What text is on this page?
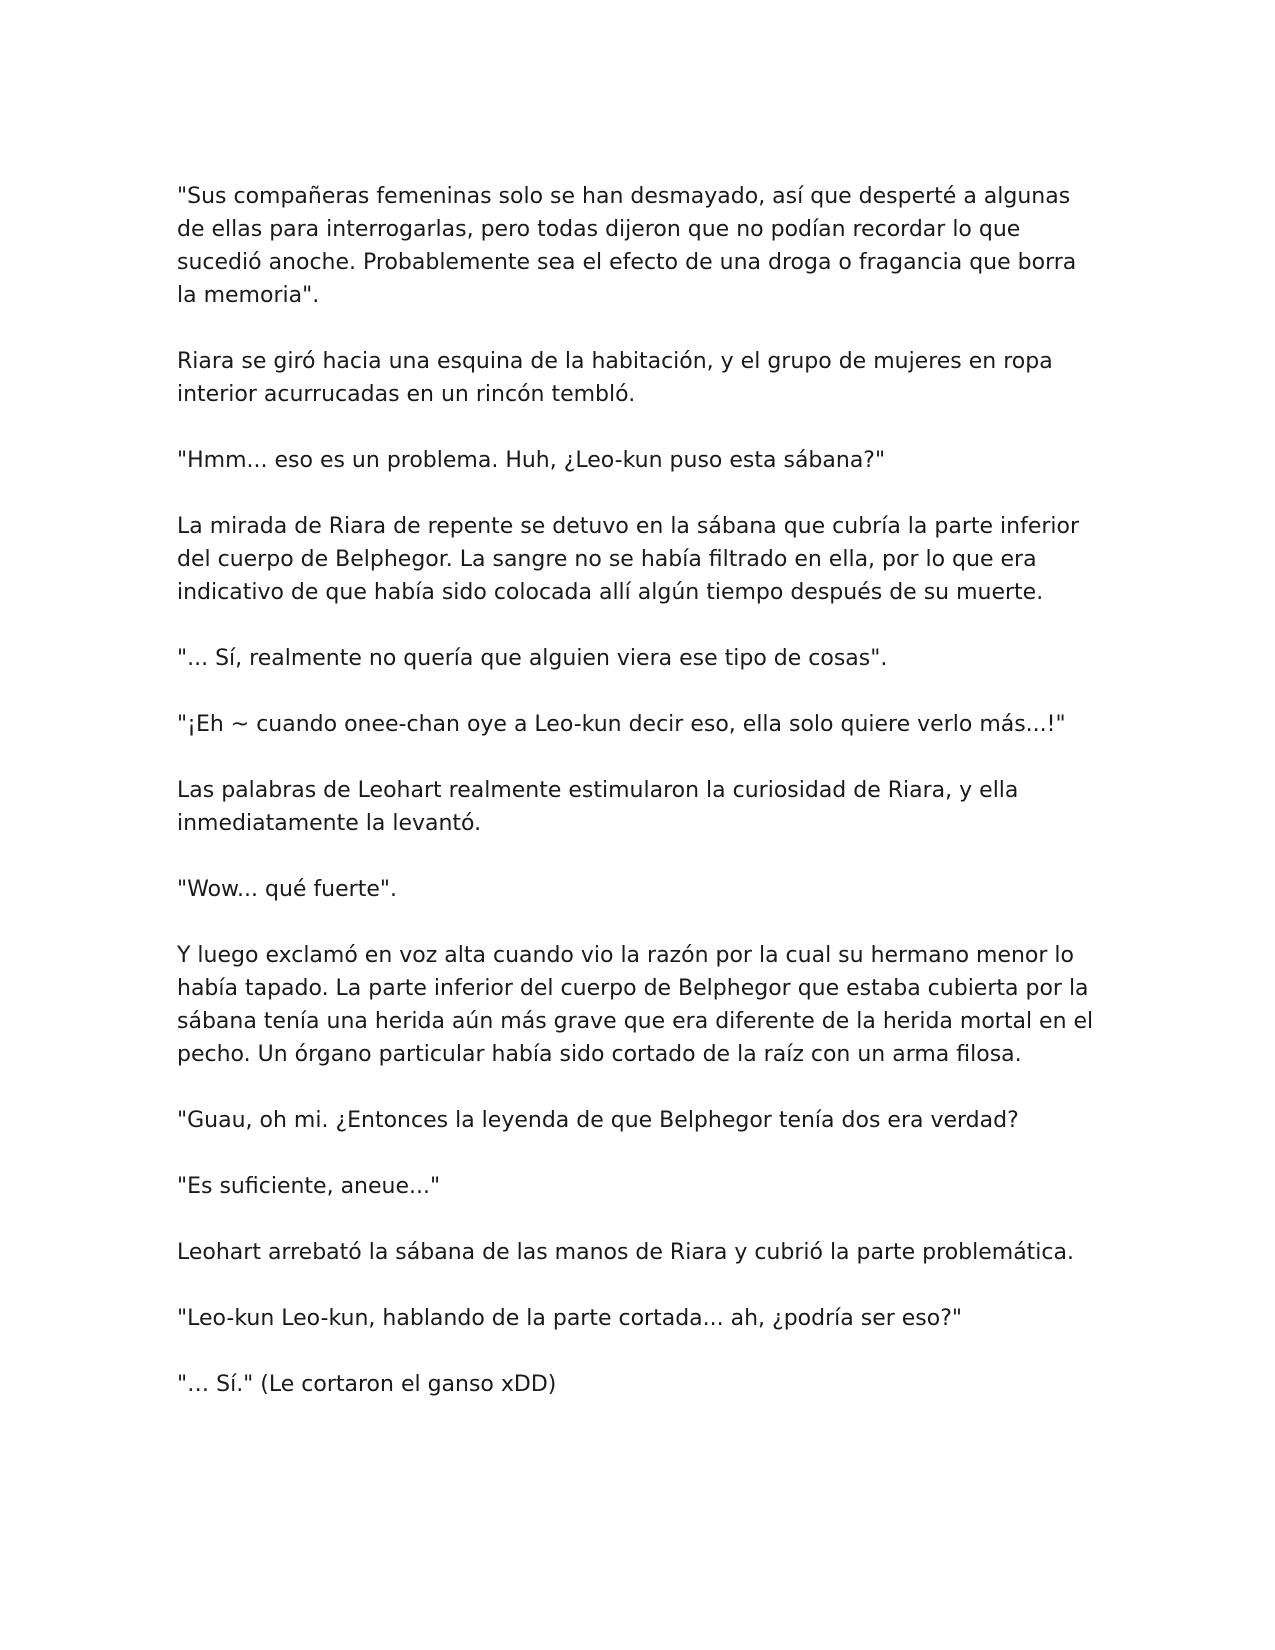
"Sus compañeras femeninas solo se han desmayado, así que desperté a algunas de ellas para interrogarlas, pero todas dijeron que no podían recordar lo que sucedió anoche. Probablemente sea el efecto de una droga o fragancia que borra la memoria".

Riara se giró hacia una esquina de la habitación, y el grupo de mujeres en ropa interior acurrucadas en un rincón tembló.

"Hmm... eso es un problema. Huh, ¿Leo-kun puso esta sábana?"

La mirada de Riara de repente se detuvo en la sábana que cubría la parte inferior del cuerpo de Belphegor. La sangre no se había filtrado en ella, por lo que era indicativo de que había sido colocada allí algún tiempo después de su muerte.

"... Sí, realmente no quería que alguien viera ese tipo de cosas".

"¡Eh ~ cuando onee-chan oye a Leo-kun decir eso, ella solo quiere verlo más...!"

Las palabras de Leohart realmente estimularon la curiosidad de Riara, y ella inmediatamente la levantó.

"Wow... qué fuerte".

Y luego exclamó en voz alta cuando vio la razón por la cual su hermano menor lo había tapado. La parte inferior del cuerpo de Belphegor que estaba cubierta por la sábana tenía una herida aún más grave que era diferente de la herida mortal en el pecho. Un órgano particular había sido cortado de la raíz con un arma filosa.

"Guau, oh mi. ¿Entonces la leyenda de que Belphegor tenía dos era verdad?

"Es suficiente, aneue..."

Leohart arrebató la sábana de las manos de Riara y cubrió la parte problemática.

"Leo-kun Leo-kun, hablando de la parte cortada... ah, ¿podría ser eso?"

"… Sí." (Le cortaron el ganso xDD)
